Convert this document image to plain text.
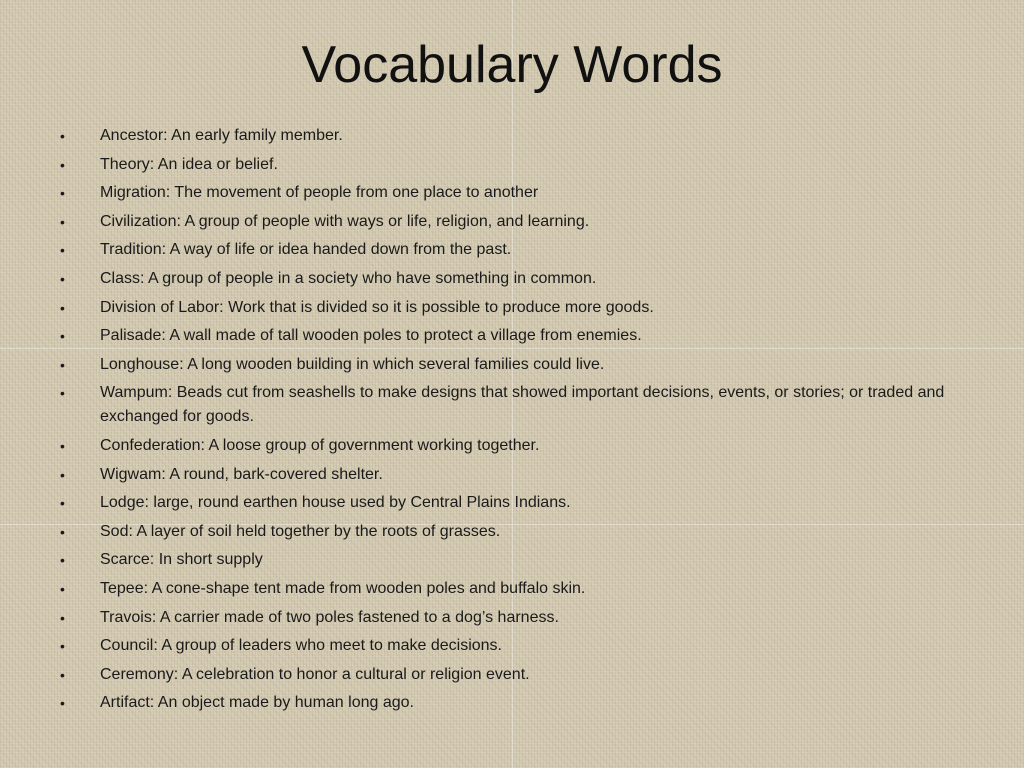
Vocabulary Words
•	Ancestor: An early family member.
•	Theory: An idea or belief.
•	Migration: The movement of people from one place to another
•	Civilization: A group of people with ways or life, religion, and learning.
•	Tradition: A way of life or idea handed down from the past.
•	Class: A group of people in a society who have something in common.
•	Division of Labor: Work that is divided so it is possible to produce more goods.
•	Palisade: A wall made of tall wooden poles to protect a village from enemies.
•	Longhouse: A long wooden building in which several families could live.
•	Wampum: Beads cut from seashells to make designs that showed important decisions, events, or stories; or traded and exchanged for goods.
•	Confederation: A loose group of government working together.
•	Wigwam: A round, bark-covered shelter.
•	Lodge: large, round earthen house used by Central Plains Indians.
•	Sod: A layer of soil held together by the roots of grasses.
•	Scarce: In short supply
•	Tepee: A cone-shape tent made from wooden poles and buffalo skin.
•	Travois: A carrier made of two poles fastened to a dog’s harness.
•	Council: A group of leaders who meet to make decisions.
•	Ceremony: A celebration to honor a cultural or religion event.
•	Artifact: An object made by human long ago.
